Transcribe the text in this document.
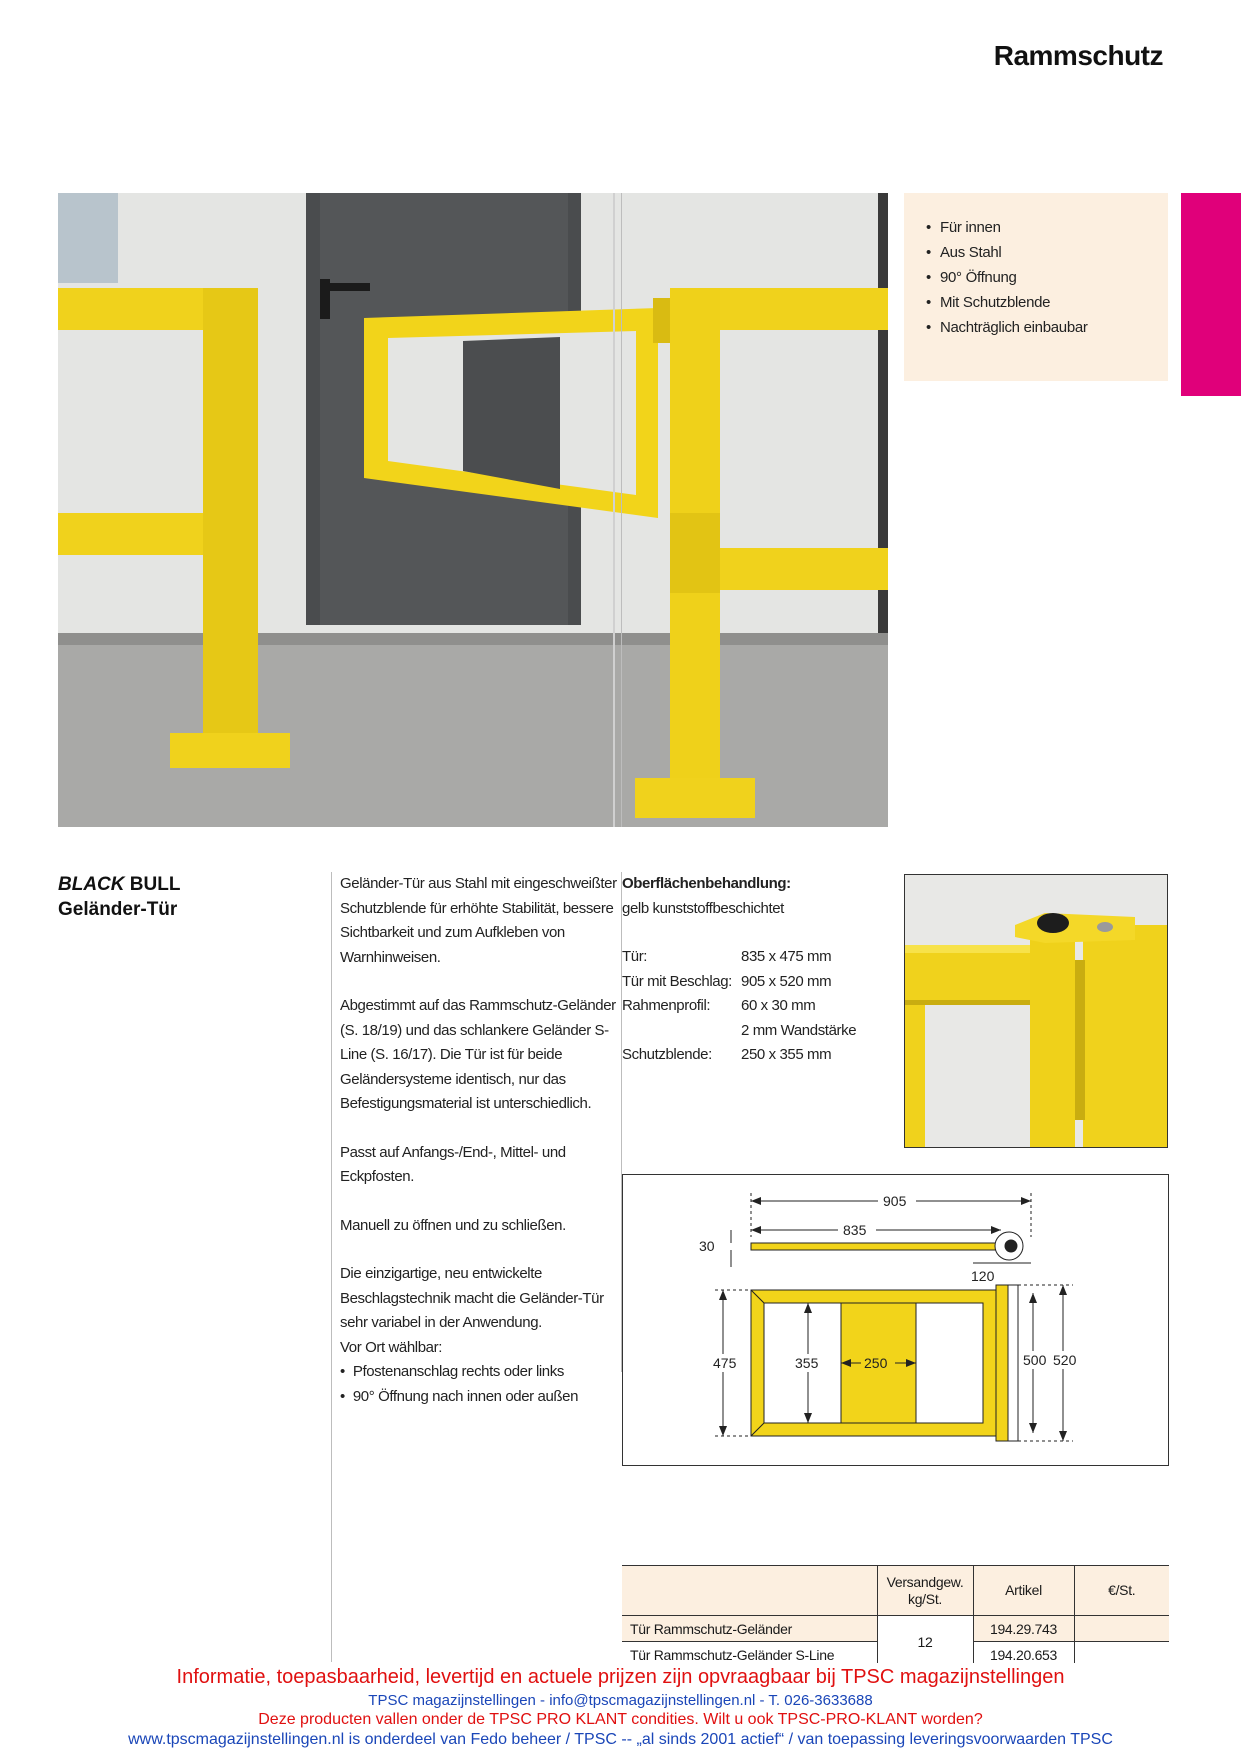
Rammschutz
• Für innen
• Aus Stahl
• 90° Öffnung
• Mit Schutzblende
• Nachträglich einbaubar
BLACK BULL
Geländer-Tür

Geländer-Tür aus Stahl mit eingeschweißter Schutzblende für erhöhte Stabilität, bessere Sichtbarkeit und zum Aufkleben von Warnhinweisen.

Abgestimmt auf das Rammschutz-Geländer (S. 18/19) und das schlankere Geländer S-Line (S. 16/17). Die Tür ist für beide Geländersysteme identisch, nur das Befestigungsmaterial ist unterschiedlich.

Passt auf Anfangs-/End-, Mittel- und Eckpfosten.

Manuell zu öffnen und zu schließen.

Die einzigartige, neu entwickelte Beschlagstechnik macht die Geländer-Tür sehr variabel in der Anwendung.
Vor Ort wählbar:
• Pfostenanschlag rechts oder links
• 90° Öffnung nach innen oder außen
Oberflächenbehandlung:
gelb kunststoffbeschichtet
Tür:	835 x 475 mm
Tür mit Beschlag: 905 x 520 mm
Rahmenprofil:	60 x 30 mm
2 mm Wandstärke
Schutzblende:	250 x 355 mm
905
835
30
120
475	355	250	500 520
	Versandgew. kg/St.	Artikel	€/St.
Tür Rammschutz-Geländer	12	194.29.743	
Tür Rammschutz-Geländer S-Line		194.20.653	
Informatie, toepasbaarheid, levertijd en actuele prijzen zijn opvraagbaar bij TPSC magazijnstellingen
TPSC magazijnstellingen - info@tpscmagazijnstellingen.nl - T. 026-3633688
Deze producten vallen onder de TPSC PRO KLANT condities. Wilt u ook TPSC-PRO-KLANT worden?
www.tpscmagazijnstellingen.nl is onderdeel van Fedo beheer / TPSC -- „al sinds 2001 actief“ / van toepassing leveringsvoorwaarden TPSC
